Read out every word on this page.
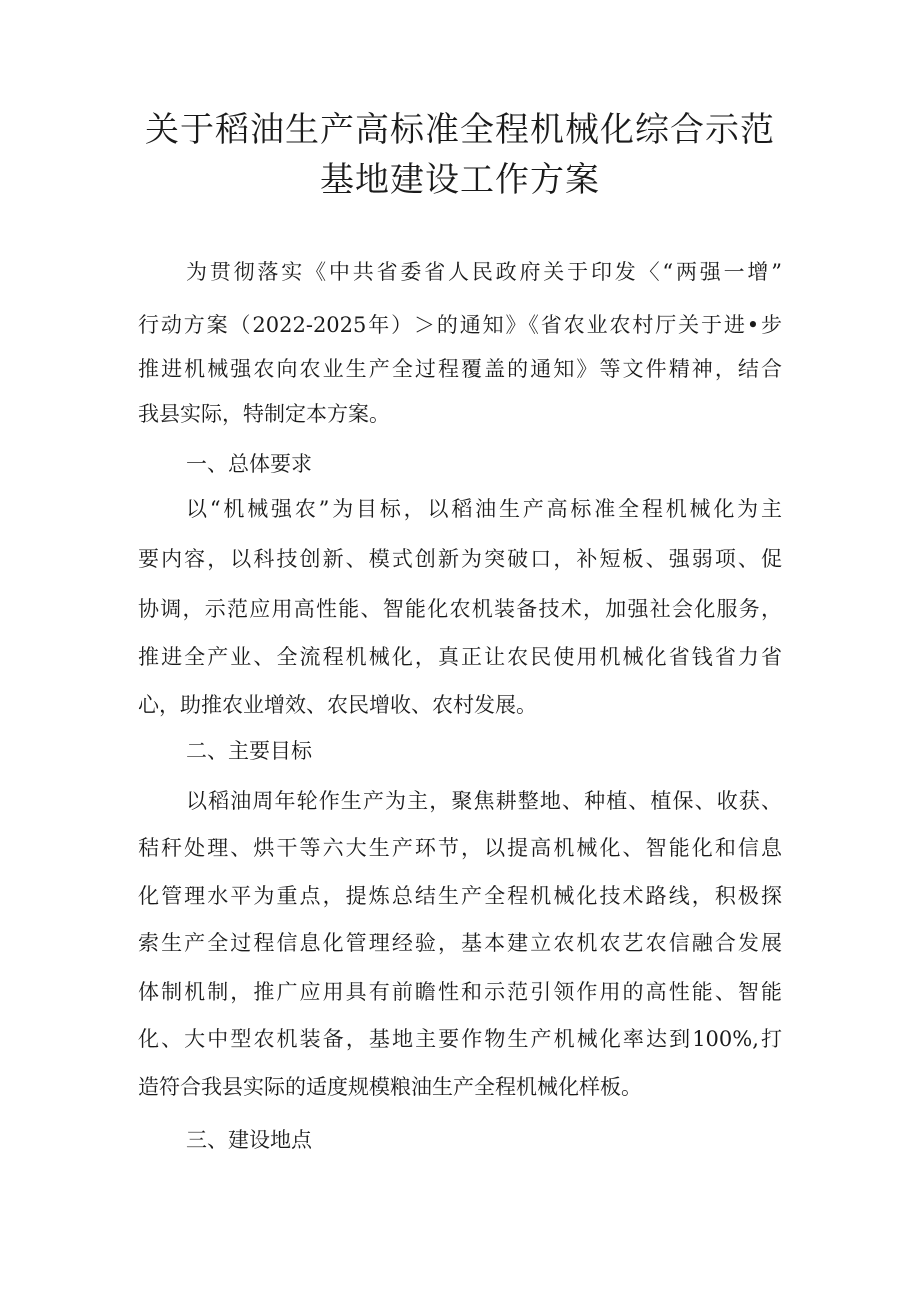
关于稻油生产高标准全程机械化综合示范
基地建设工作方案
为贯彻落实《中共省委省人民政府关于印发〈“两强一增”
行动方案（2022-2025年）＞的通知》《省农业农村厅关于进•步
推进机械强农向农业生产全过程覆盖的通知》等文件精神，结合
我县实际，特制定本方案。
一、总体要求
以“机械强农”为目标，以稻油生产高标准全程机械化为主
要内容，以科技创新、模式创新为突破口，补短板、强弱项、促
协调，示范应用高性能、智能化农机装备技术，加强社会化服务，
推进全产业、全流程机械化，真正让农民使用机械化省钱省力省
心，助推农业增效、农民增收、农村发展。
二、主要目标
以稻油周年轮作生产为主，聚焦耕整地、种植、植保、收获、
秸秆处理、烘干等六大生产环节，以提高机械化、智能化和信息
化管理水平为重点，提炼总结生产全程机械化技术路线，积极探
索生产全过程信息化管理经验，基本建立农机农艺农信融合发展
体制机制，推广应用具有前瞻性和示范引领作用的高性能、智能
化、大中型农机装备，基地主要作物生产机械化率达到100%,打
造符合我县实际的适度规模粮油生产全程机械化样板。
三、建设地点
